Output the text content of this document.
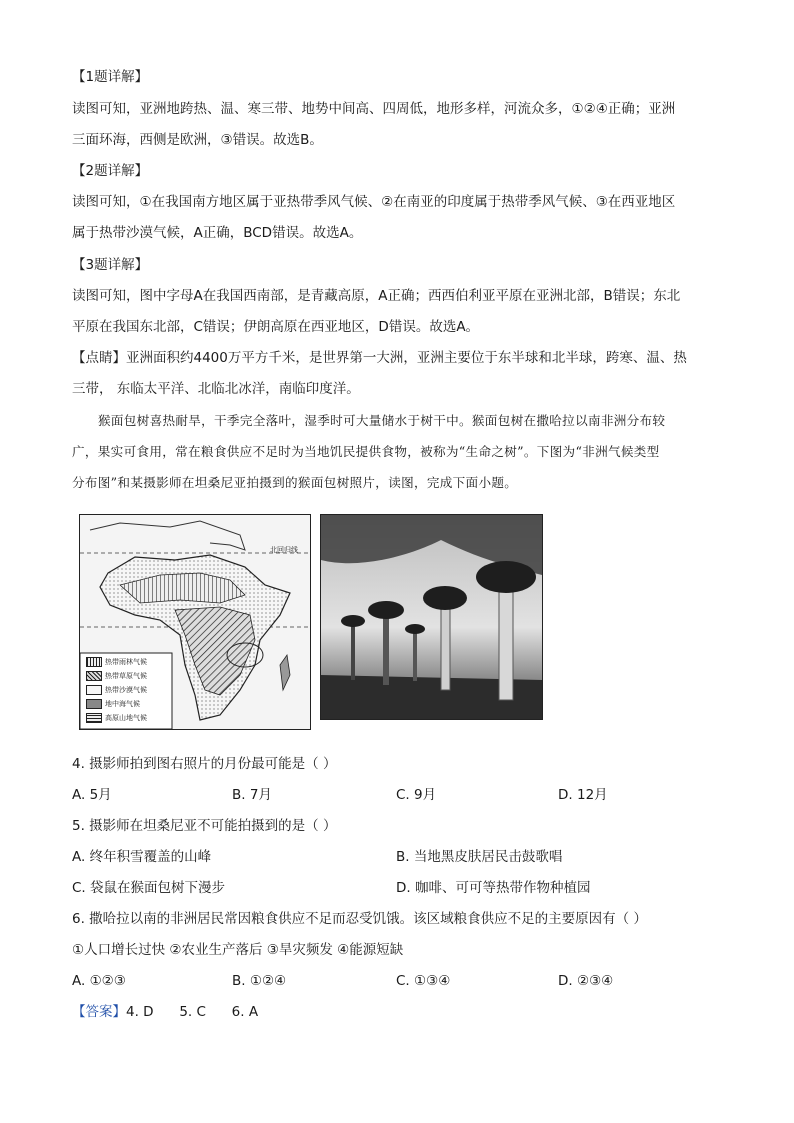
【1题详解】
读图可知，亚洲地跨热、温、寒三带、地势中间高、四周低，地形多样，河流众多，①②④正确；亚洲
三面环海，西侧是欧洲，③错误。故选B。
【2题详解】
读图可知，①在我国南方地区属于亚热带季风气候、②在南亚的印度属于热带季风气候、③在西亚地区
属于热带沙漠气候，A正确，BCD错误。故选A。
【3题详解】
读图可知，图中字母A在我国西南部，是青藏高原，A正确；西西伯利亚平原在亚洲北部，B错误；东北
平原在我国东北部，C错误；伊朗高原在西亚地区，D错误。故选A。
【点睛】亚洲面积约4400万平方千米，是世界第一大洲，亚洲主要位于东半球和北半球，跨寒、温、热
三带， 东临太平洋、北临北冰洋，南临印度洋。
猴面包树喜热耐旱，干季完全落叶，湿季时可大量储水于树干中。猴面包树在撒哈拉以南非洲分布较
广，果实可食用，常在粮食供应不足时为当地饥民提供食物，被称为“生命之树”。下图为“非洲气候类型
分布图”和某摄影师在坦桑尼亚拍摄到的猴面包树照片，读图，完成下面小题。
北回归线
热带雨林气候
热带草原气候
热带沙漠气候
地中海气候
高原山地气候
4. 摄影师拍到图右照片的月份最可能是（ ）
A. 5月	B. 7月	C. 9月	D. 12月
5. 摄影师在坦桑尼亚不可能拍摄到的是（ ）
A. 终年积雪覆盖的山峰	B. 当地黑皮肤居民击鼓歌唱
C. 袋鼠在猴面包树下漫步	D. 咖啡、可可等热带作物种植园
6. 撒哈拉以南的非洲居民常因粮食供应不足而忍受饥饿。该区域粮食供应不足的主要原因有（ ）
①人口增长过快 ②农业生产落后 ③旱灾频发 ④能源短缺
A. ①②③	B. ①②④	C. ①③④	D. ②③④
【答案】4. D      5. C      6. A
